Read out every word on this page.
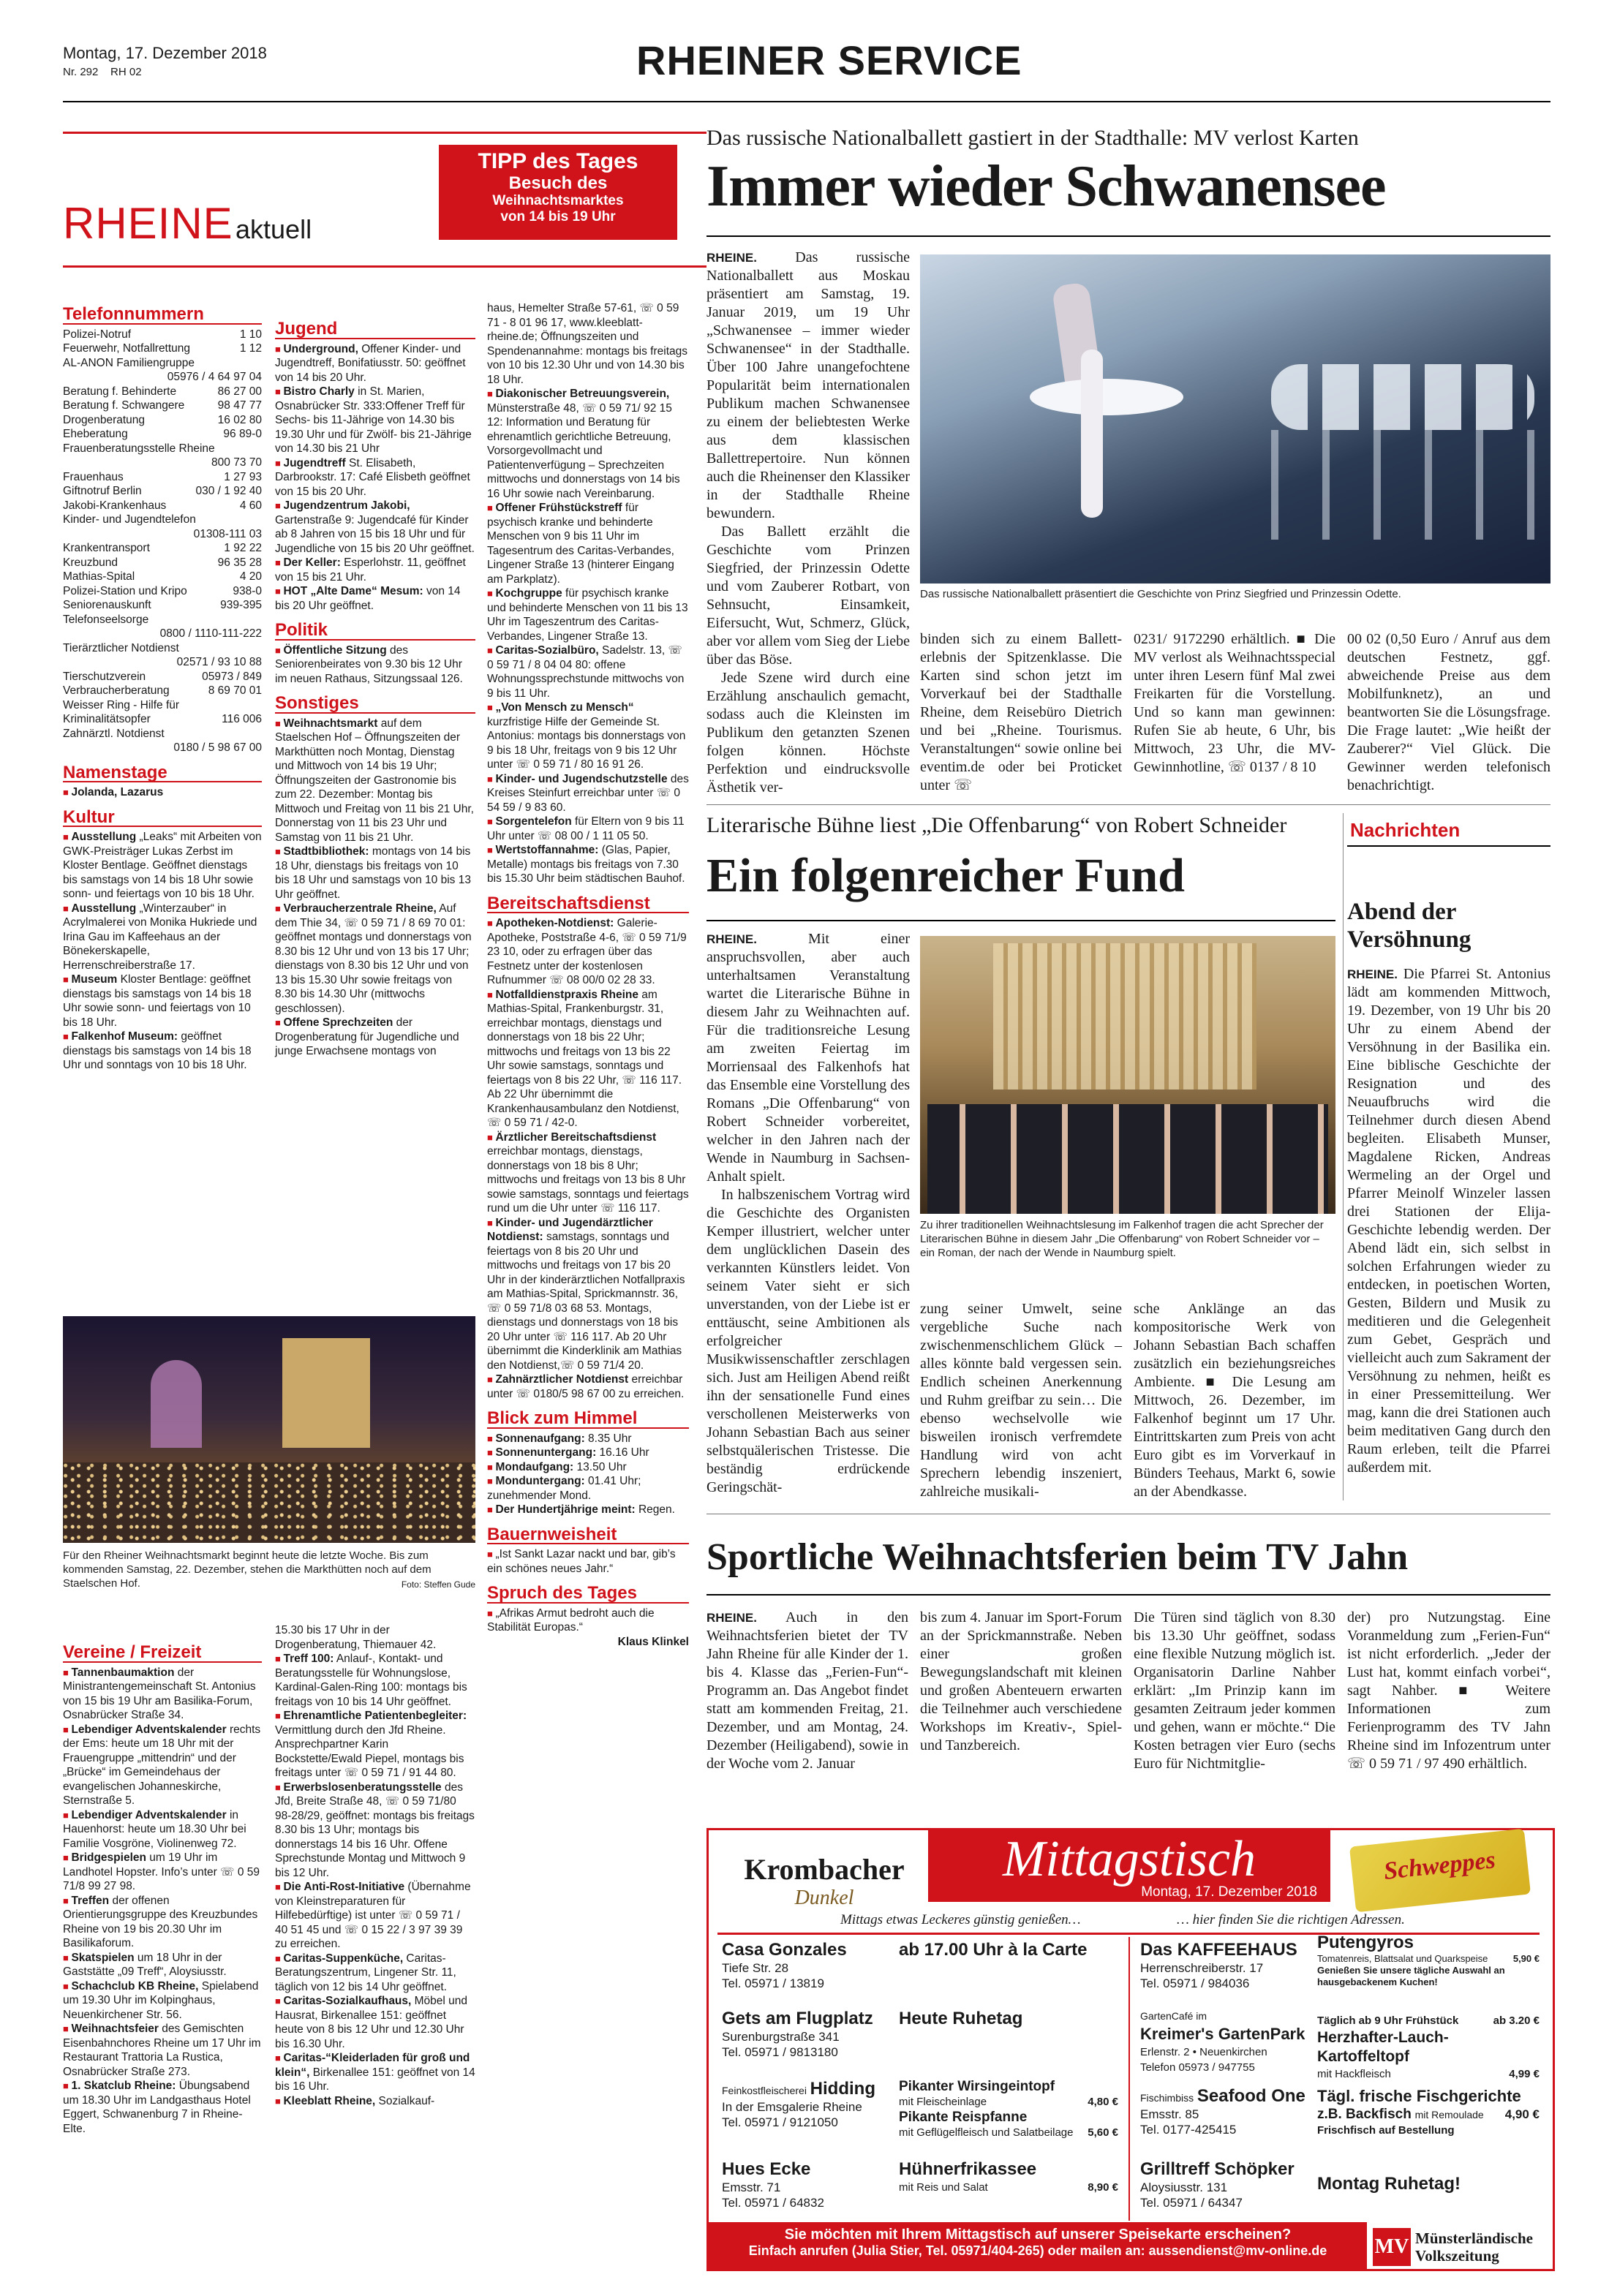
Montag, 17. Dezember 2018
Nr. 292 RH 02	RHEINER SERVICE
RHEINE aktuell
TIPP des Tages
Besuch des
Weihnachtsmarktes
von 14 bis 19 Uhr
Telefonnummern
Polizei-Notruf	1 10
Feuerwehr, Notfallrettung	1 12
AL-ANON Familiengruppe
05976 / 4 64 97 04
Beratung f. Behinderte	86 27 00
Beratung f. Schwangere	98 47 77
Drogenberatung	16 02 80
Eheberatung	96 89-0
Frauenberatungsstelle Rheine
800 73 70
Frauenhaus	1 27 93
Giftnotruf Berlin	030 / 1 92 40
Jakobi-Krankenhaus	4 60
Kinder- und Jugendtelefon
01308-111 03
Krankentransport	1 92 22
Kreuzbund	96 35 28
Mathias-Spital	4 20
Polizei-Station und Kripo	938-0
Seniorenauskunft	939-395
Telefonseelsorge
0800 / 1110-111-222
Tierärztlicher Notdienst
02571 / 93 10 88
Tierschutzverein	05973 / 849
Verbraucherberatung	8 69 70 01
Weisser Ring - Hilfe für
Kriminalitätsopfer	116 006
Zahnärztl. Notdienst
0180 / 5 98 67 00
Namenstage
■ Jolanda, Lazarus
Kultur
■ Ausstellung „Leaks“ mit Arbeiten von GWK-Preisträger Lukas Zerbst im Kloster Bentlage. Geöffnet dienstags bis samstags von 14 bis 18 Uhr sowie sonn- und feiertags von 10 bis 18 Uhr.
■ Ausstellung „Winterzauber“ in Acrylmalerei von Monika Hukriede und Irina Gau im Kaffeehaus an der Bönekerskapelle, Herrenschreiberstraße 17.
■ Museum Kloster Bentlage: geöffnet dienstags bis samstags von 14 bis 18 Uhr sowie sonn- und feiertags von 10 bis 18 Uhr.
■ Falkenhof Museum: geöffnet dienstags bis samstags von 14 bis 18 Uhr und sonntags von 10 bis 18 Uhr.
Jugend
■ Underground, Offener Kinder- und Jugendtreff, Bonifatiusstr. 50: geöffnet von 14 bis 20 Uhr.
■ Bistro Charly in St. Marien, Osnabrücker Str. 333:Offener Treff für Sechs- bis 11-Jährige von 14.30 bis 19.30 Uhr und für Zwölf- bis 21-Jährige von 14.30 bis 21 Uhr
■ Jugendtreff St. Elisabeth, Darbrookstr. 17: Café Elisbeth geöffnet von 15 bis 20 Uhr.
■ Jugendzentrum Jakobi, Gartenstraße 9: Jugendcafé für Kinder ab 8 Jahren von 15 bis 18 Uhr und für Jugendliche von 15 bis 20 Uhr geöffnet.
■ Der Keller: Esperlohstr. 11, geöffnet von 15 bis 21 Uhr.
■ HOT „Alte Dame“ Mesum: von 14 bis 20 Uhr geöffnet.
Politik
■ Öffentliche Sitzung des Seniorenbeirates von 9.30 bis 12 Uhr im neuen Rathaus, Sitzungssaal 126.
Sonstiges
■ Weihnachtsmarkt auf dem Staelschen Hof – Öffnungszeiten der Markthütten noch Montag, Dienstag und Mittwoch von 14 bis 19 Uhr; Öffnungszeiten der Gastronomie bis zum 22. Dezember: Montag bis Mittwoch und Freitag von 11 bis 21 Uhr, Donnerstag von 11 bis 23 Uhr und Samstag von 11 bis 21 Uhr.
■ Stadtbibliothek: montags von 14 bis 18 Uhr, dienstags bis freitags von 10 bis 18 Uhr und samstags von 10 bis 13 Uhr geöffnet.
■ Verbraucherzentrale Rheine, Auf dem Thie 34, ☏ 0 59 71 / 8 69 70 01: geöffnet montags und donnerstags von 8.30 bis 12 Uhr und von 13 bis 17 Uhr; dienstags von 8.30 bis 12 Uhr und von 13 bis 15.30 Uhr sowie freitags von 8.30 bis 14.30 Uhr (mittwochs geschlossen).
■ Offene Sprechzeiten der Drogenberatung für Jugendliche und junge Erwachsene montags von
haus, Hemelter Straße 57-61, ☏ 0 59 71 - 8 01 96 17, www.kleeblatt-rheine.de; Öffnungszeiten und Spendenannahme: montags bis freitags von 10 bis 12.30 Uhr und von 14.30 bis 18 Uhr.
■ Diakonischer Betreuungsverein, Münsterstraße 48, ☏ 0 59 71/ 92 15 12: Information und Beratung für ehrenamtlich gerichtliche Betreuung, Vorsorgevollmacht und Patientenverfügung – Sprechzeiten mittwochs und donnerstags von 14 bis 16 Uhr sowie nach Vereinbarung.
■ Offener Frühstückstreff für psychisch kranke und behinderte Menschen von 9 bis 11 Uhr im Tagesentrum des Caritas-Verbandes, Lingener Straße 13 (hinterer Eingang am Parkplatz).
■ Kochgruppe für psychisch kranke und behinderte Menschen von 11 bis 13 Uhr im Tageszentrum des Caritas-Verbandes, Lingener Straße 13.
■ Caritas-Sozialbüro, Sadelstr. 13, ☏ 0 59 71 / 8 04 04 80: offene Wohnungssprechstunde mittwochs von 9 bis 11 Uhr.
■ „Von Mensch zu Mensch“ kurzfristige Hilfe der Gemeinde St. Antonius: montags bis donnerstags von 9 bis 18 Uhr, freitags von 9 bis 12 Uhr unter ☏ 0 59 71 / 80 16 91 26.
■ Kinder- und Jugendschutzstelle des Kreises Steinfurt erreichbar unter ☏ 0 54 59 / 9 83 60.
■ Sorgentelefon für Eltern von 9 bis 11 Uhr unter ☏ 08 00 / 1 11 05 50.
■ Wertstoffannahme: (Glas, Papier, Metalle) montags bis freitags von 7.30 bis 15.30 Uhr beim städtischen Bauhof.
Bereitschaftsdienst
■ Apotheken-Notdienst: Galerie-Apotheke, Poststraße 4-6, ☏ 0 59 71/9 23 10, oder zu erfragen über das Festnetz unter der kostenlosen Rufnummer ☏ 08 00/0 02 28 33.
■ Notfalldienstpraxis Rheine am Mathias-Spital, Frankenburgstr. 31, erreichbar montags, dienstags und donnerstags von 18 bis 22 Uhr; mittwochs und freitags von 13 bis 22 Uhr sowie samstags, sonntags und feiertags von 8 bis 22 Uhr, ☏ 116 117. Ab 22 Uhr übernimmt die Krankenhausambulanz den Notdienst, ☏ 0 59 71 / 42-0.
■ Ärztlicher Bereitschaftsdienst erreichbar montags, dienstags, donnerstags von 18 bis 8 Uhr; mittwochs und freitags von 13 bis 8 Uhr sowie samstags, sonntags und feiertags rund um die Uhr unter ☏ 116 117.
■ Kinder- und Jugendärztlicher Notdienst: samstags, sonntags und feiertags von 8 bis 20 Uhr und mittwochs und freitags von 17 bis 20 Uhr in der kinderärztlichen Notfallpraxis am Mathias-Spital, Sprickmannstr. 36, ☏ 0 59 71/8 03 68 53. Montags, dienstags und donnerstags von 18 bis 20 Uhr unter ☏ 116 117. Ab 20 Uhr übernimmt die Kinderklinik am Mathias den Notdienst,☏ 0 59 71/4 20.
■ Zahnärztlicher Notdienst erreichbar unter ☏ 0180/5 98 67 00 zu erreichen.
Blick zum Himmel
■ Sonnenaufgang: 8.35 Uhr
■ Sonnenuntergang: 16.16 Uhr
■ Mondaufgang: 13.50 Uhr
■ Monduntergang: 01.41 Uhr; zunehmender Mond.
■ Der Hundertjährige meint: Regen.
Bauernweisheit
■ „Ist Sankt Lazar nackt und bar, gib’s ein schönes neues Jahr.“
Spruch des Tages
■ „Afrikas Armut bedroht auch die Stabilität Europas.“
Klaus Klinkel
Für den Rheiner Weihnachtsmarkt beginnt heute die letzte Woche. Bis zum kommenden Samstag, 22. Dezember, stehen die Markthütten noch auf dem Staelschen Hof.	Foto: Steffen Gude
Vereine / Freizeit
■ Tannenbaumaktion der Ministrantengemeinschaft St. Antonius von 15 bis 19 Uhr am Basilika-Forum, Osnabrücker Straße 34.
■ Lebendiger Adventskalender rechts der Ems: heute um 18 Uhr mit der Frauengruppe „mittendrin“ und der „Brücke“ im Gemeindehaus der evangelischen Johanneskirche, Sternstraße 5.
■ Lebendiger Adventskalender in Hauenhorst: heute um 18.30 Uhr bei Familie Vosgröne, Violinenweg 72.
■ Bridgespielen um 19 Uhr im Landhotel Hopster. Info’s unter ☏ 0 59 71/8 99 27 98.
■ Treffen der offenen Orientierungsgruppe des Kreuzbundes Rheine von 19 bis 20.30 Uhr im Basilikaforum.
■ Skatspielen um 18 Uhr in der Gaststätte „09 Treff“, Aloysiusstr.
■ Schachclub KB Rheine, Spielabend um 19.30 Uhr im Kolpinghaus, Neuenkirchener Str. 56.
■ Weihnachtsfeier des Gemischten Eisenbahnchores Rheine um 17 Uhr im Restaurant Trattoria La Rustica, Osnabrücker Straße 273.
■ 1. Skatclub Rheine: Übungsabend um 18.30 Uhr im Landgasthaus Hotel Eggert, Schwanenburg 7 in Rheine-Elte.
15.30 bis 17 Uhr in der Drogenberatung, Thiemauer 42.
■ Treff 100: Anlauf-, Kontakt- und Beratungsstelle für Wohnungslose, Kardinal-Galen-Ring 100: montags bis freitags von 10 bis 14 Uhr geöffnet.
■ Ehrenamtliche Patientenbegleiter: Vermittlung durch den Jfd Rheine. Ansprechpartner Karin Bockstette/Ewald Piepel, montags bis freitags unter ☏ 0 59 71 / 91 44 80.
■ Erwerbslosenberatungsstelle des Jfd, Breite Straße 48, ☏ 0 59 71/80 98-28/29, geöffnet: montags bis freitags 8.30 bis 13 Uhr; montags bis donnerstags 14 bis 16 Uhr. Offene Sprechstunde Montag und Mittwoch 9 bis 12 Uhr.
■ Die Anti-Rost-Initiative (Übernahme von Kleinstreparaturen für Hilfebedürftige) ist unter ☏ 0 59 71 / 40 51 45 und ☏ 0 15 22 / 3 97 39 39 zu erreichen.
■ Caritas-Suppenküche, Caritas-Beratungszentrum, Lingener Str. 11, täglich von 12 bis 14 Uhr geöffnet.
■ Caritas-Sozialkaufhaus, Möbel und Hausrat, Birkenallee 151: geöffnet heute von 8 bis 12 Uhr und 12.30 Uhr bis 16.30 Uhr.
■ Caritas-“Kleiderladen für groß und klein“, Birkenallee 151: geöffnet von 14 bis 16 Uhr.
■ Kleeblatt Rheine, Sozialkauf-
Das russische Nationalballett gastiert in der Stadthalle: MV verlost Karten
Immer wieder Schwanensee
RHEINE.	Das russische Nationalballett aus Moskau präsentiert am Samstag, 19. Januar 2019, um 19 Uhr „Schwanensee – immer wieder Schwanensee“ in der Stadthalle. Über 100 Jahre unangefochtene Popularität beim internationalen Publikum machen Schwanensee zu einem der beliebtesten Werke aus dem klassischen Ballettrepertoire. Nun können auch die Rheinenser den Klassiker in der Stadthalle Rheine bewundern.
Das Ballett erzählt die Geschichte vom Prinzen Siegfried, der Prinzessin Odette und vom Zauberer Rotbart, von Sehnsucht, Einsamkeit, Eifersucht, Wut, Schmerz, Glück, aber vor allem vom Sieg der Liebe über das Böse.
Jede Szene wird durch eine Erzählung anschaulich gemacht, sodass auch die Kleinsten im Publikum den getanzten Szenen folgen können. Höchste Perfektion und eindrucksvolle Ästhetik ver-
Das russische Nationalballett präsentiert die Geschichte von Prinz Siegfried und Prinzessin Odette.
binden sich zu einem Ballett-erlebnis der Spitzenklasse. Die Karten sind schon jetzt im Vorverkauf bei der Stadthalle Rheine, dem Reisebüro Dietrich und bei „Rheine. Tourismus. Veranstaltungen“ sowie online bei eventim.de oder bei Proticket unter ☏
0231/ 9172290 erhältlich. ■ Die MV verlost als Weihnachtsspecial unter ihren Lesern fünf Mal zwei Freikarten für die Vorstellung. Und so kann man gewinnen: Rufen Sie ab heute, 6 Uhr, bis Mittwoch, 23 Uhr, die MV-Gewinnhotline, ☏ 0137 / 8 10
00 02 (0,50 Euro / Anruf aus dem deutschen Festnetz, ggf. abweichende Preise aus dem Mobilfunknetz), an und beantworten Sie die Lösungsfrage. Die Frage lautet: „Wie heißt der Zauberer?“ Viel Glück. Die Gewinner werden telefonisch benachrichtigt.
Literarische Bühne liest „Die Offenbarung“ von Robert Schneider
Ein folgenreicher Fund
RHEINE.	Mit einer anspruchsvollen, aber auch unterhaltsamen Veranstaltung wartet die Literarische Bühne in diesem Jahr zu Weihnachten auf. Für die traditionsreiche Lesung am zweiten Feiertag im Morriensaal des Falkenhofs hat das Ensemble eine Vorstellung des Romans „Die Offenbarung“ von Robert Schneider vorbereitet, welcher in den Jahren nach der Wende in Naumburg in Sachsen-Anhalt spielt.
In halbszenischem Vortrag wird die Geschichte des Organisten Kemper illustriert, welcher unter dem unglücklichen Dasein des verkannten Künstlers leidet. Von seinem Vater sieht er sich unverstanden, von der Liebe ist er enttäuscht, seine Ambitionen als erfolgreicher Musikwissenschaftler zerschlagen sich. Just am Heiligen Abend reißt ihn der sensationelle Fund eines verschollenen Meisterwerks von Johann Sebastian Bach aus seiner selbstquälerischen Tristesse. Die beständig erdrückende Geringschät-
Zu ihrer traditionellen Weihnachtslesung im Falkenhof tragen die acht Sprecher der Literarischen Bühne in diesem Jahr „Die Offenbarung“ von Robert Schneider vor – ein Roman, der nach der Wende in Naumburg spielt.
zung seiner Umwelt, seine vergebliche Suche nach zwischenmenschlichem Glück – alles könnte bald vergessen sein. Endlich scheinen Anerkennung und Ruhm greifbar zu sein… Die ebenso wechselvolle wie bisweilen ironisch verfremdete Handlung wird von acht Sprechern lebendig inszeniert, zahlreiche musikali-
sche Anklänge an das kompositorische Werk von Johann Sebastian Bach schaffen zusätzlich ein beziehungsreiches Ambiente. ■ Die Lesung am Mittwoch, 26. Dezember, im Falkenhof beginnt um 17 Uhr. Eintrittskarten zum Preis von acht Euro gibt es im Vorverkauf in Bünders Teehaus, Markt 6, sowie an der Abendkasse.
Nachrichten
Abend der Versöhnung
RHEINE. Die Pfarrei St. Antonius lädt am kommenden Mittwoch, 19. Dezember, von 19 Uhr bis 20 Uhr zu einem Abend der Versöhnung in der Basilika ein. Eine biblische Geschichte der Resignation und des Neuaufbruchs wird die Teilnehmer durch diesen Abend begleiten. Elisabeth Munser, Magdalene Ricken, Andreas Wermeling an der Orgel und Pfarrer Meinolf Winzeler lassen drei Stationen der Elija-Geschichte lebendig werden. Der Abend lädt ein, sich selbst in solchen Erfahrungen wieder zu entdecken, in poetischen Worten, Gesten, Bildern und Musik zu meditieren und die Gelegenheit zum Gebet, Gespräch und vielleicht auch zum Sakrament der Versöhnung zu nehmen, heißt es in einer Pressemitteilung. Wer mag, kann die drei Stationen auch beim meditativen Gang durch den Raum erleben, teilt die Pfarrei außerdem mit.
Sportliche Weihnachtsferien beim TV Jahn
RHEINE. Auch in den Weihnachtsferien bietet der TV Jahn Rheine für alle Kinder der 1. bis 4. Klasse das „Ferien-Fun“-Programm an. Das Angebot findet statt am kommenden Freitag, 21. Dezember, und am Montag, 24. Dezember (Heiligabend), sowie in der Woche vom 2. Januar
bis zum 4. Januar im Sport-Forum an der Sprickmannstraße. Neben einer großen Bewegungslandschaft mit kleinen und großen Abenteuern erwarten die Teilnehmer auch verschiedene Workshops im Kreativ-, Spiel- und Tanzbereich.
Die Türen sind täglich von 8.30 bis 13.30 Uhr geöffnet, sodass eine flexible Nutzung möglich ist. Organisatorin Darline Nahber erklärt: „Im Prinzip kann im gesamten Zeitraum jeder kommen und gehen, wann er möchte.“ Die Kosten betragen vier Euro (sechs Euro für Nichtmitglie-
der) pro Nutzungstag. Eine Voranmeldung zum „Ferien-Fun“ ist nicht erforderlich. „Jeder der Lust hat, kommt einfach vorbei“, sagt Nahber. ■ Weitere Informationen zum Ferienprogramm des TV Jahn Rheine sind im Infozentrum unter ☏ 0 59 71 / 97 490 erhältlich.
Mittagstisch
Montag, 17. Dezember 2018
Krombacher
Dunkel
Schweppes
Mittags etwas Leckeres günstig genießen…	… hier finden Sie die richtigen Adressen.
Casa Gonzales
Tiefe Str. 28
Tel. 05971 / 13819
ab 17.00 Uhr à la Carte
Gets am Flugplatz
Surenburgstraße 341
Tel. 05971 / 9813180
Heute Ruhetag
Feinkostfleischerei Hidding
In der Emsgalerie Rheine
Tel. 05971 / 9121050
Pikanter Wirsingeintopf
mit Fleischeinlage	4,80 €
Pikante Reispfanne
mit Geflügelfleisch und Salatbeilage 5,60 €
Hues Ecke
Emsstr. 71
Tel. 05971 / 64832
Hühnerfrikassee
mit Reis und Salat	8,90 €
Das KAFFEEHAUS
Herrenschreiberstr. 17
Tel. 05971 / 984036
Putengyros
Tomatenreis, Blattsalat und Quarkspeise	5,90 €
Genießen Sie unsere tägliche Auswahl an hausgebackenem Kuchen!
GartenCafé im
Kreimer's GartenPark
Erlenstr. 2 • Neuenkirchen
Telefon 05973 / 947755
Täglich ab 9 Uhr Frühstück	ab 3.20 €
Herzhafter-Lauch-Kartoffeltopf
mit Hackfleisch	4,99 €
Fischimbiss Seafood One
Emsstr. 85
Tel. 0177-425415
Tägl. frische Fischgerichte
z.B. Backfisch mit Remoulade 4,90 €
Frischfisch auf Bestellung
Grilltreff Schöpker
Aloysiusstr. 131
Tel. 05971 / 64347
Montag Ruhetag!
Sie möchten mit Ihrem Mittagstisch auf unserer Speisekarte erscheinen?
Einfach anrufen (Julia Stier, Tel. 05971/404-265) oder mailen an: aussendienst@mv-online.de	MV Münsterländische
Volkszeitung
